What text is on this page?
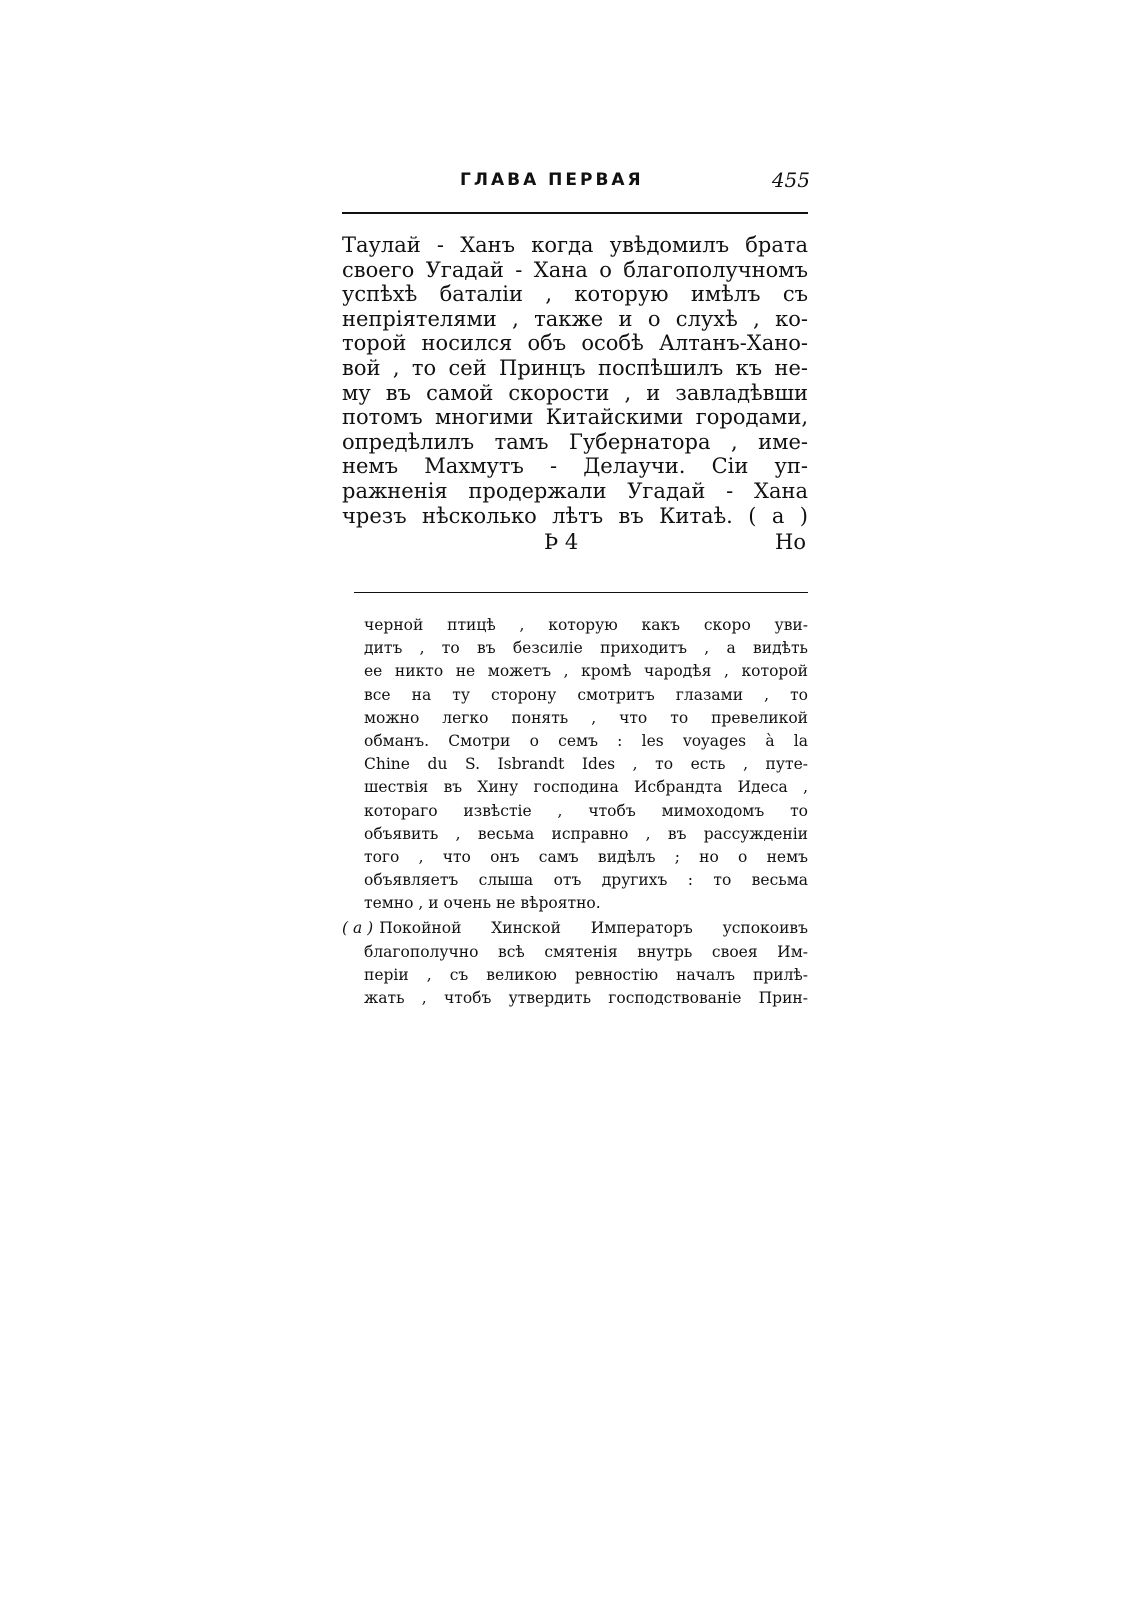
ГЛАВА ПЕРВАЯ	455
Таулай - Ханъ когда увѣдомилъ брата
своего Угадай - Хана о благополучномъ
успѣхѣ баталіи , которую имѣлъ съ
непріятелями , также и о слухѣ , ко-
торой носился объ особѣ Алтанъ-Хано-
вой , то сей Принцъ поспѣшилъ къ не-
му въ самой скорости , и завладѣвши
потомъ многими Китайскими городами,
опредѣлилъ тамъ Губернатора , име-
немъ Махмутъ - Делаучи. Сіи уп-
ражненія продержали Угадай - Хана
чрезъ нѣсколько лѣтъ въ Китаѣ. ( a )
Þ 4	Но
черной птицѣ , которую какъ скоро уви-
дитъ , то въ безсиліе приходитъ , а видѣть
ее никто не можетъ , кромѣ чародѣя , которой
все на ту сторону смотритъ глазами , то
можно легко понять , что то превеликой
обманъ. Смотри о семъ : les voyages à la
Chine du S. Isbrandt Ides , то есть , путе-
шествія въ Хину господина Исбрандта Идеса ,
котораго извѣстіе , чтобъ мимоходомъ то
объявить , весьма исправно , въ рассужденіи
того , что онъ самъ видѣлъ ; но о немъ
объявляетъ слыша отъ другихъ : то весьма
темно , и очень не вѣроятно.
( a ) Покойной Хинской Императоръ успокоивъ
благополучно всѣ смятенія внутрь своея Им-
періи , съ великою ревностію началъ прилѣ-
жать , чтобъ утвердить господствованіе Прин-
